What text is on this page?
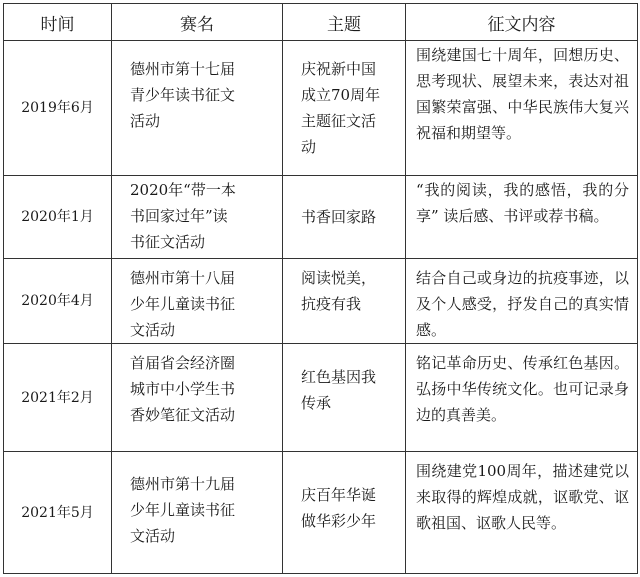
时间	赛名	主题	征文内容
2019年6月	德州市第十七届
青少年读书征文
活动	庆祝新中国
成立70周年
主题征文活
动	围绕建国七十周年，回想历史、思考现状、展望未来，表达对祖国繁荣富强、中华民族伟大复兴祝福和期望等。

2020年1月	2020年“带一本
书回家过年”读
书征文活动	书香回家路	“我的阅读，我的感悟，我的分享” 读后感、书评或荐书稿。

2020年4月	德州市第十八届
少年儿童读书征
文活动	阅读悦美，
抗疫有我	结合自己或身边的抗疫事迹，以及个人感受，抒发自己的真实情感。

2021年2月	首届省会经济圈
城市中小学生书
香妙笔征文活动	红色基因我
传承	铭记革命历史、传承红色基因。弘扬中华传统文化。也可记录身边的真善美。

2021年5月	德州市第十九届
少年儿童读书征
文活动	庆百年华诞
做华彩少年	围绕建党100周年，描述建党以来取得的辉煌成就，讴歌党、讴歌祖国、讴歌人民等。
